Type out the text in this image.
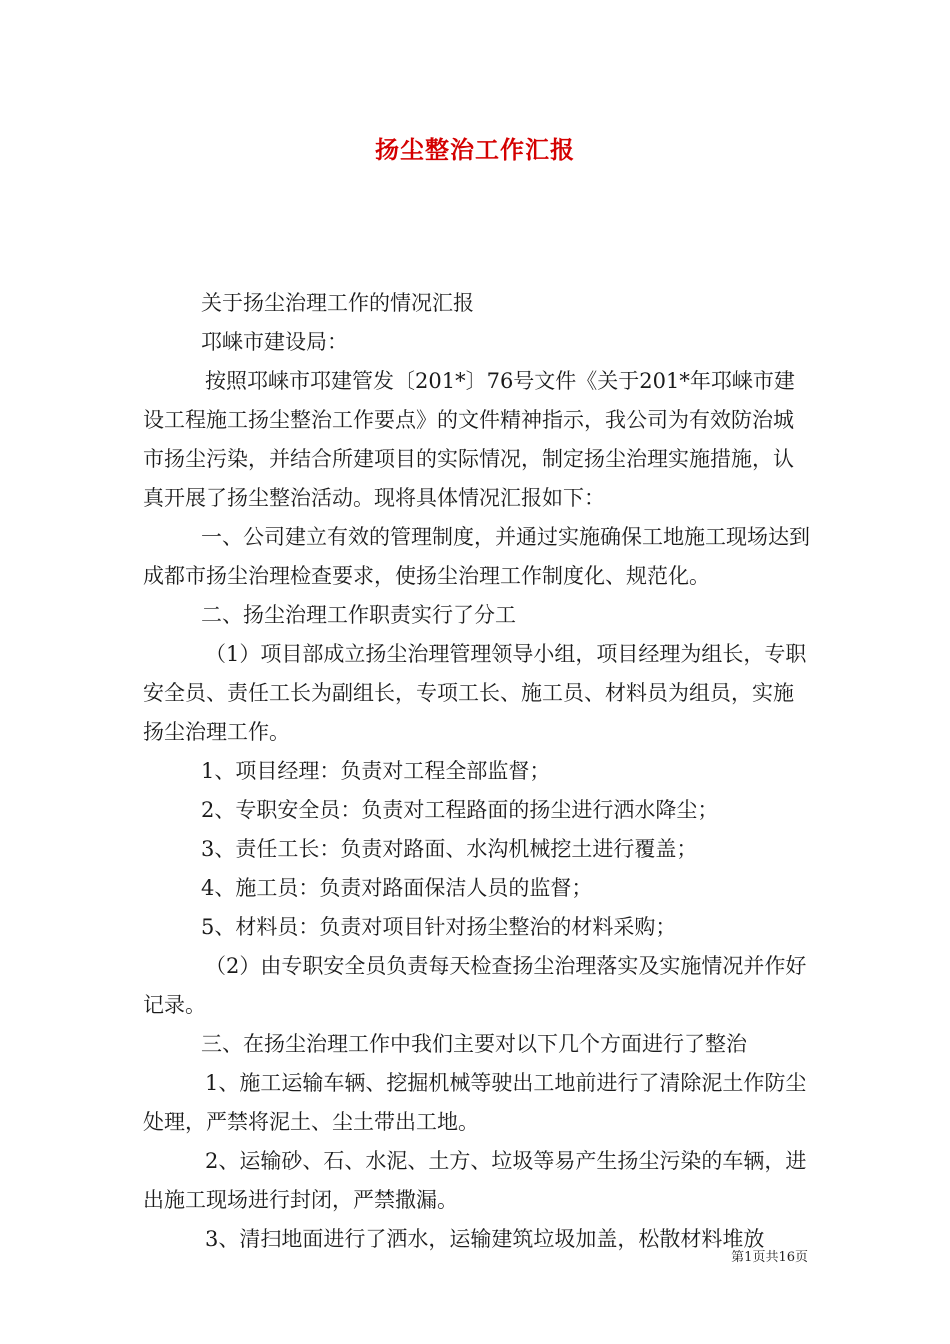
扬尘整治工作汇报

关于扬尘治理工作的情况汇报

邛崃市建设局：

按照邛崃市邛建管发〔201*〕76号文件《关于201*年邛崃市建设工程施工扬尘整治工作要点》的文件精神指示，我公司为有效防治城市扬尘污染，并结合所建项目的实际情况，制定扬尘治理实施措施，认真开展了扬尘整治活动。现将具体情况汇报如下：

一、公司建立有效的管理制度，并通过实施确保工地施工现场达到成都市扬尘治理检查要求，使扬尘治理工作制度化、规范化。

二、扬尘治理工作职责实行了分工

（1）项目部成立扬尘治理管理领导小组，项目经理为组长，专职安全员、责任工长为副组长，专项工长、施工员、材料员为组员，实施扬尘治理工作。

1、项目经理：负责对工程全部监督；

2、专职安全员：负责对工程路面的扬尘进行洒水降尘；

3、责任工长：负责对路面、水沟机械挖土进行覆盖；

4、施工员：负责对路面保洁人员的监督；

5、材料员：负责对项目针对扬尘整治的材料采购；

（2）由专职安全员负责每天检查扬尘治理落实及实施情况并作好记录。

三、在扬尘治理工作中我们主要对以下几个方面进行了整治

1、施工运输车辆、挖掘机械等驶出工地前进行了清除泥土作防尘处理，严禁将泥土、尘土带出工地。

2、运输砂、石、水泥、土方、垃圾等易产生扬尘污染的车辆，进出施工现场进行封闭，严禁撒漏。

3、清扫地面进行了洒水，运输建筑垃圾加盖，松散材料堆放

第1页共16页
